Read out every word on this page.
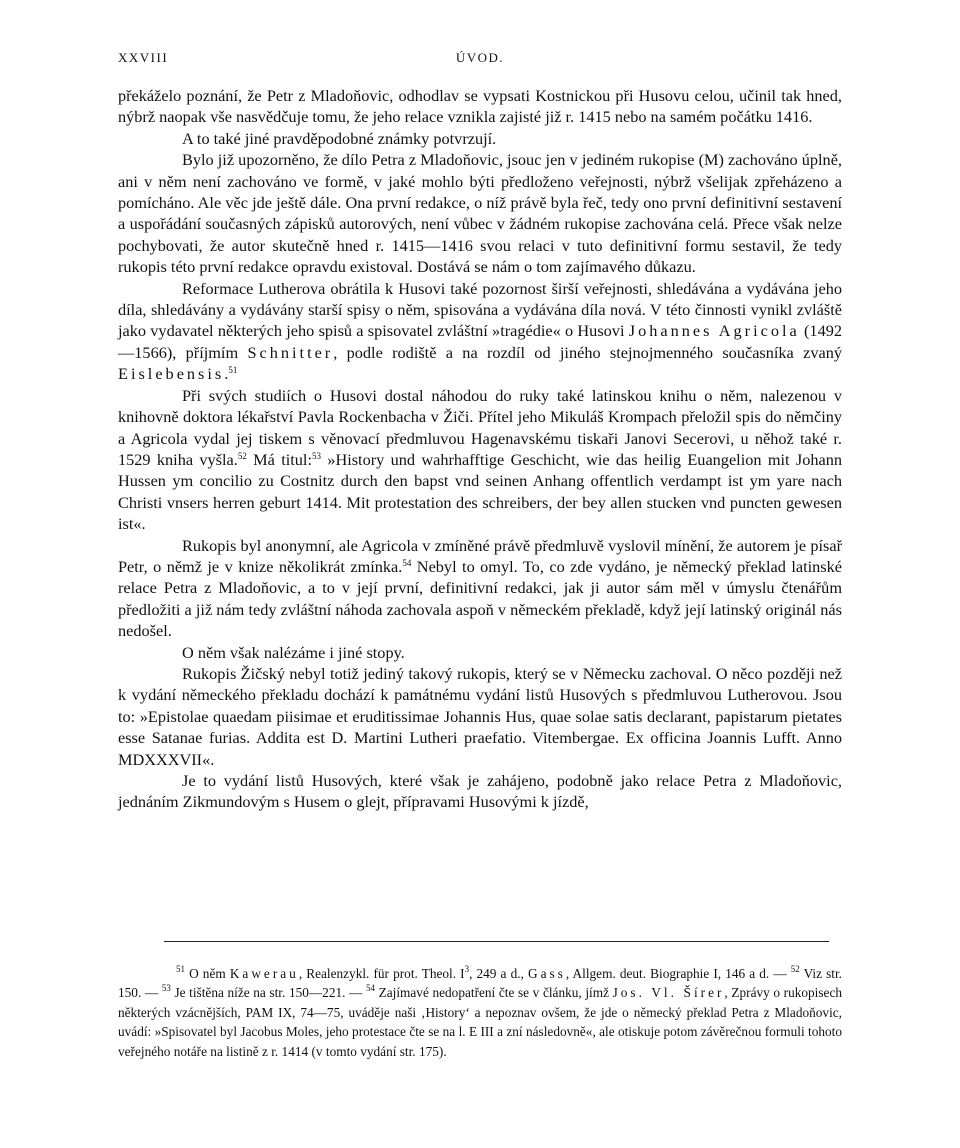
XXVIII	ÚVOD.

překáželo poznání, že Petr z Mladoňovic, odhodlav se vypsati Kostnickou při Husovu celou, učinil tak hned, nýbrž naopak vše nasvědčuje tomu, že jeho relace vznikla zajisté již r. 1415 nebo na samém počátku 1416.

A to také jiné pravděpodobné známky potvrzují.

Bylo již upozorněno, že dílo Petra z Mladoňovic, jsouc jen v jediném rukopise (M) zachováno úplně, ani v něm není zachováno ve formě, v jaké mohlo býti předloženo veřejnosti, nýbrž všelijak zpřeházeno a pomícháno. Ale věc jde ještě dále. Ona první redakce, o níž právě byla řeč, tedy ono první definitivní sestavení a uspořádání současných zápisků autorových, není vůbec v žádném rukopise zachována celá. Přece však nelze pochybovati, že autor skutečně hned r. 1415—1416 svou relaci v tuto definitivní formu sestavil, že tedy rukopis této první redakce opravdu existoval. Dostává se nám o tom zajímavého důkazu.

Reformace Lutherova obrátila k Husovi také pozornost širší veřejnosti, shledávána a vydávána jeho díla, shledávány a vydávány starší spisy o něm, spisována a vydávána díla nová. V této činnosti vynikl zvláště jako vydavatel některých jeho spisů a spisovatel zvláštní »tragédie« o Husovi Johannes Agricola (1492—1566), příjmím Schnitter, podle rodiště a na rozdíl od jiného stejnojmenného současníka zvaný Eislebensis.$^{51}$

Při svých studiích o Husovi dostal náhodou do ruky také latinskou knihu o něm, nalezenou v knihovně doktora lékařství Pavla Rockenbacha v Žiči. Přítel jeho Mikuláš Krompach přeložil spis do němčiny a Agricola vydal jej tiskem s věnovací předmluvou Hagenavskému tiskaři Janovi Secerovi, u něhož také r. 1529 kniha vyšla.$^{52}$ Má titul:$^{53}$ »History und wahrhafftige Geschicht, wie das heilig Euangelion mit Johann Hussen ym concilio zu Costnitz durch den bapst vnd seinen Anhang offentlich verdampt ist ym yare nach Christi vnsers herren geburt 1414. Mit protestation des schreibers, der bey allen stucken vnd puncten gewesen ist«.

Rukopis byl anonymní, ale Agricola v zmíněné právě předmluvě vyslovil mínění, že autorem je písař Petr, o němž je v knize několikrát zmínka.$^{54}$ Nebyl to omyl. To, co zde vydáno, je německý překlad latinské relace Petra z Mladoňovic, a to v její první, definitivní redakci, jak ji autor sám měl v úmyslu čtenářům předložiti a již nám tedy zvláštní náhoda zachovala aspoň v německém překladě, když její latinský originál nás nedošel.

O něm však nalézáme i jiné stopy.

Rukopis Žičský nebyl totiž jediný takový rukopis, který se v Německu zachoval. O něco později než k vydání německého překladu dochází k památnému vydání listů Husových s předmluvou Lutherovou. Jsou to: »Epistolae quaedam piisimae et eruditissimae Johannis Hus, quae solae satis declarant, papistarum pietates esse Satanae furias. Addita est D. Martini Lutheri praefatio. Vitembergae. Ex officina Joannis Lufft. Anno MDXXXVII«.

Je to vydání listů Husových, které však je zahájeno, podobně jako relace Petra z Mladoňovic, jednáním Zikmundovým s Husem o glejt, přípravami Husovými k jízdě,

$^{51}$ O něm Kawerau, Realenzykl. für prot. Theol. $I^3$, 249 a d., Gass, Allgem. deut. Biographie I, 146 a d. — $^{52}$ Viz str. 150. — $^{53}$ Je tištěna níže na str. 150—221. — $^{54}$ Zajímavé nedopatření čte se v článku, jímž Jos. Vl. Šírer, Zprávy o rukopisech některých vzácnějších, PAM IX, 74—75, uváděje naši ‚History‘ a nepoznav ovšem, že jde o německý překlad Petra z Mladoňovic, uvádí: »Spisovatel byl Jacobus Moles, jeho protestace čte se na l. E III a zní následovně«, ale otiskuje potom závěrečnou formuli tohoto veřejného notáře na listině z r. 1414 (v tomto vydání str. 175).
